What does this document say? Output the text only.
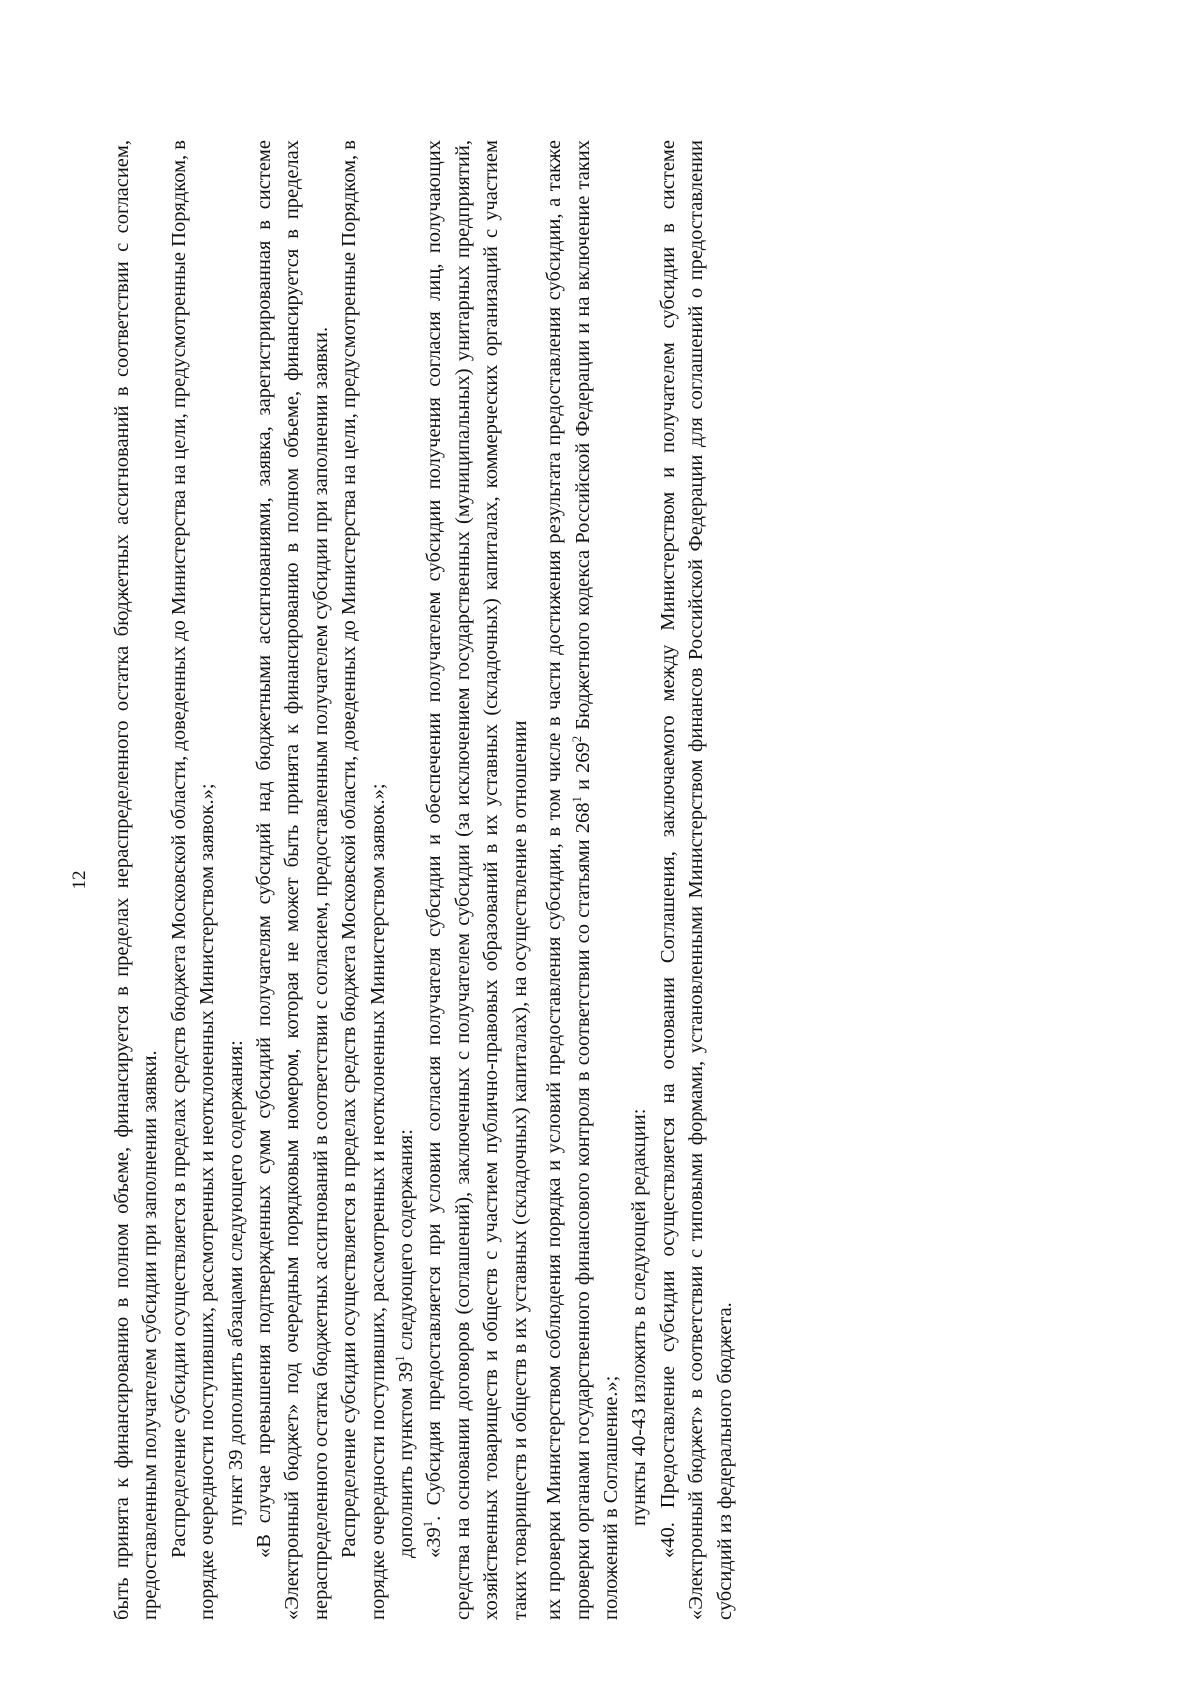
12 быть принята к финансированию в полном объеме, финансируется в пределах нераспределенного остатка бюджетных ассигнований в соответствии с согласием, предоставленным получателем субсидии при заполнении заявки. Распределение субсидии осуществляется в пределах средств бюджета Московской области, доведенных до Министерства на цели, предусмотренные Порядком, в порядке очередности поступивших, рассмотренных и неотклоненных Министерством заявок.»; пункт 39 дополнить абзацами следующего содержания: «В случае превышения подтвержденных сумм субсидий получателям субсидий над бюджетными ассигнованиями, заявка, зарегистрированная в системе «Электронный бюджет» под очередным порядковым номером, которая не может быть принята к финансированию в полном объеме, финансируется в пределах нераспределенного остатка бюджетных ассигнований в соответствии с согласием, предоставленным получателем субсидии при заполнении заявки. Распределение субсидии осуществляется в пределах средств бюджета Московской области, доведенных до Министерства на цели, предусмотренные Порядком, в порядке очередности поступивших, рассмотренных и неотклоненных Министерством заявок.»; дополнить пунктом $39^1$ следующего содержания:

«$39^1$. Субсидия предоставляется при условии согласия получателя субсидии и обеспечении получателем субсидии получения согласия лиц, получающих средства на основании договоров (соглашений), заключенных с получателем субсидии (за исключением государственных (муниципальных) унитарных предприятий, хозяйственных товариществ и обществ с участием публично-правовых образований в их уставных (складочных) капиталах, коммерческих организаций с участием таких товариществ и обществ в их уставных (складочных) капиталах), на осуществление в отношении их проверки Министерством соблюдения порядка и условий предоставления субсидии, в том числе в части достижения результата предоставления субсидии, а также проверки органами государственного финансового контроля в соответствии со статьями $268^1$ и $269^2$ Бюджетного кодекса Российской Федерации и на включение таких положений в Соглашение.»; пункты 40-43 изложить в следующей редакции: «40. Предоставление субсидии осуществляется на основании Соглашения, заключаемого между Министерством и получателем субсидии в системе «Электронный бюджет» в соответствии с типовыми формами, установленными Министерством финансов Российской Федерации для соглашений о предоставлении субсидий из федерального бюджета.
